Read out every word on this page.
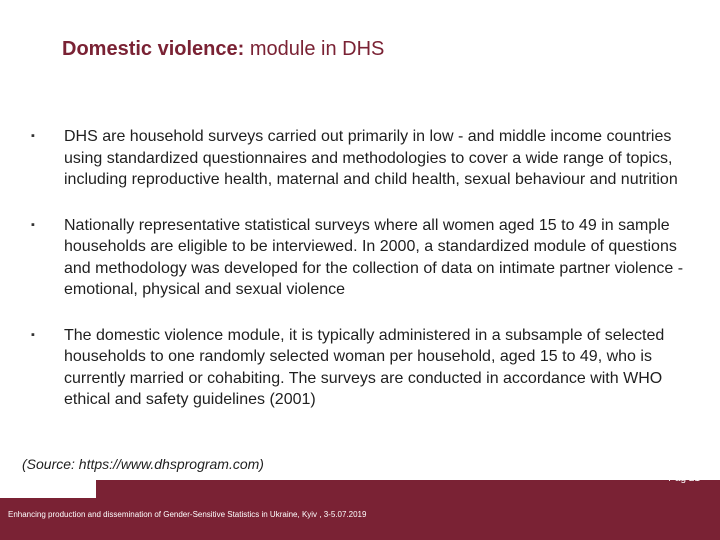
Domestic violence: module in DHS
▪ DHS are household surveys carried out primarily in low - and middle income countries using standardized questionnaires and methodologies to cover a wide range of topics, including reproductive health, maternal and child health, sexual behaviour and nutrition
▪ Nationally representative statistical surveys where all women aged 15 to 49 in sample households are eligible to be interviewed. In 2000, a standardized module of questions and methodology was developed for the collection of data on intimate partner violence - emotional, physical and sexual violence
▪ The domestic violence module, it is typically administered in a subsample of selected households to one randomly selected woman per household, aged 15 to 49, who is currently married or cohabiting. The surveys are conducted in accordance with WHO ethical and safety guidelines (2001)
(Source: https://www.dhsprogram.com)
Pag 21
Enhancing production and dissemination of Gender-Sensitive Statistics in Ukraine, Kyiv , 3-5.07.2019
